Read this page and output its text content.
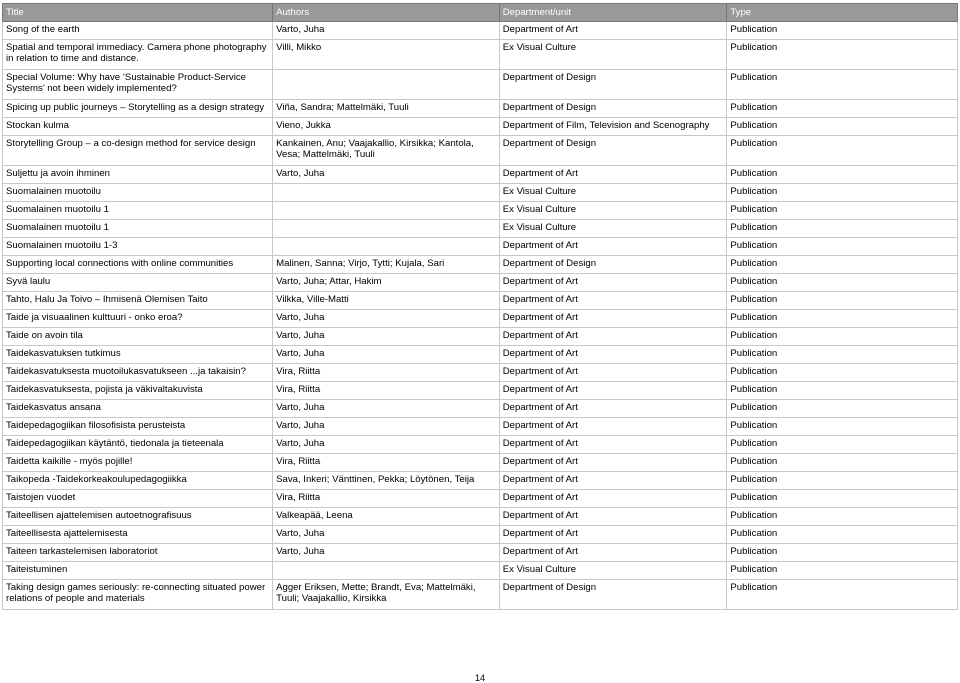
Title	Authors	Department/unit	Type
Song of the earth	Varto, Juha	Department of Art	Publication
Spatial and temporal immediacy. Camera phone photography in relation to time and distance.	Villi, Mikko	Ex Visual Culture	Publication
Special Volume: Why have ‘Sustainable Product-Service Systems’ not been widely implemented?		Department of Design	Publication
Spicing up public journeys – Storytelling as a design strategy	Viña, Sandra; Mattelmäki, Tuuli	Department of Design	Publication
Stockan kulma	Vieno, Jukka	Department of Film, Television and Scenography	Publication
Storytelling Group – a co-design method for service design	Kankainen, Anu; Vaajakallio, Kirsikka; Kantola, Vesa; Mattelmäki, Tuuli	Department of Design	Publication
Suljettu ja avoin ihminen	Varto, Juha	Department of Art	Publication
Suomalainen muotoilu		Ex Visual Culture	Publication
Suomalainen muotoilu 1		Ex Visual Culture	Publication
Suomalainen muotoilu 1		Ex Visual Culture	Publication
Suomalainen muotoilu 1-3		Department of Art	Publication
Supporting local connections with online communities	Malinen, Sanna; Virjo, Tytti; Kujala, Sari	Department of Design	Publication
Syvä laulu	Varto, Juha; Attar, Hakim	Department of Art	Publication
Tahto, Halu Ja Toivo – Ihmisenä Olemisen Taito	Vilkka, Ville-Matti	Department of Art	Publication
Taide ja visuaalinen kulttuuri - onko eroa?	Varto, Juha	Department of Art	Publication
Taide on avoin tila	Varto, Juha	Department of Art	Publication
Taidekasvatuksen tutkimus	Varto, Juha	Department of Art	Publication
Taidekasvatuksesta muotoilukasvatukseen ...ja takaisin?	Vira, Riitta	Department of Art	Publication
Taidekasvatuksesta, pojista ja väkivaltakuvista	Vira, Riitta	Department of Art	Publication
Taidekasvatus ansana	Varto, Juha	Department of Art	Publication
Taidepedagogiikan filosofisista perusteista	Varto, Juha	Department of Art	Publication
Taidepedagogiikan käytäntö, tiedonala ja tieteenala	Varto, Juha	Department of Art	Publication
Taidetta kaikille - myös pojille!	Vira, Riitta	Department of Art	Publication
Taikopeda -Taidekorkeakoulupedagogiikka	Sava, Inkeri; Vänttinen, Pekka; Löytönen, Teija	Department of Art	Publication
Taistojen vuodet	Vira, Riitta	Department of Art	Publication
Taiteellisen ajattelemisen autoetnografisuus	Valkeapää, Leena	Department of Art	Publication
Taiteellisesta ajattelemisesta	Varto, Juha	Department of Art	Publication
Taiteen tarkastelemisen laboratoriot	Varto, Juha	Department of Art	Publication
Taiteistuminen		Ex Visual Culture	Publication
Taking design games seriously: re-connecting situated power relations of people and materials	Agger Eriksen, Mette; Brandt, Eva; Mattelmäki, Tuuli; Vaajakallio, Kirsikka	Department of Design	Publication
14
